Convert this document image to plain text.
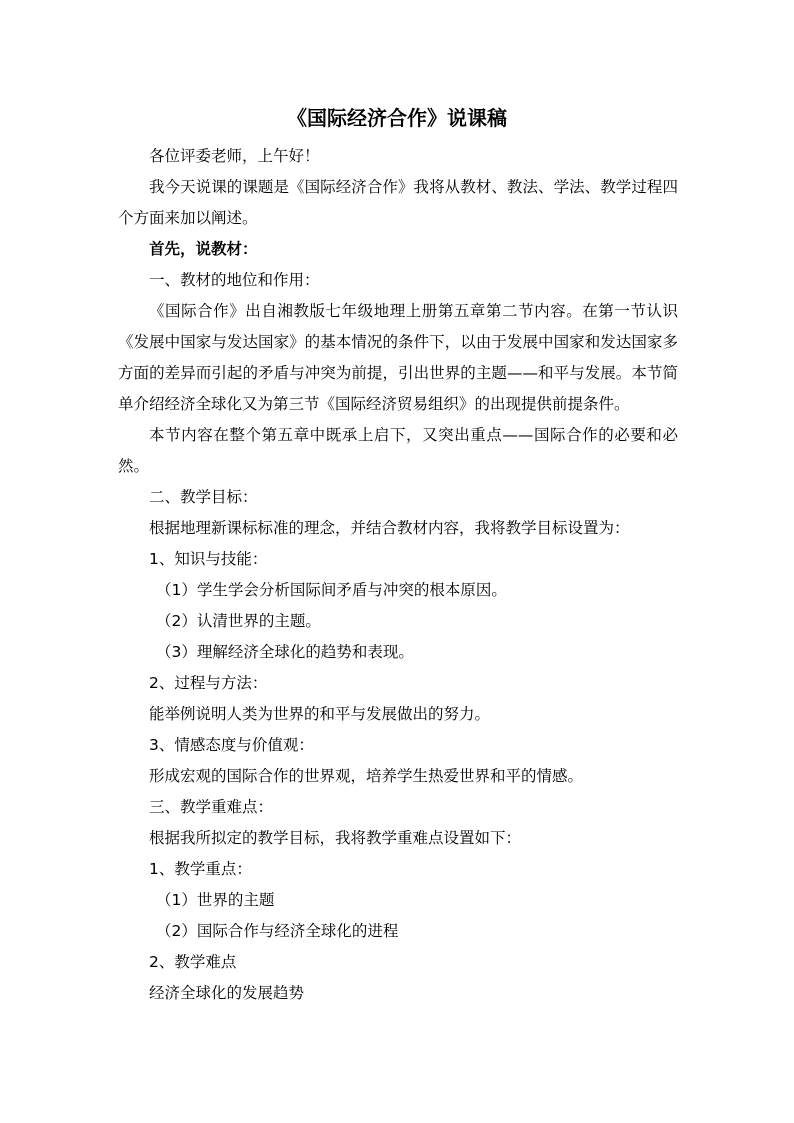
《国际经济合作》说课稿

各位评委老师，上午好！

我今天说课的课题是《国际经济合作》我将从教材、教法、学法、教学过程四个方面来加以阐述。

首先，说教材：

一、教材的地位和作用：

《国际合作》出自湘教版七年级地理上册第五章第二节内容。在第一节认识《发展中国家与发达国家》的基本情况的条件下，以由于发展中国家和发达国家多方面的差异而引起的矛盾与冲突为前提，引出世界的主题——和平与发展。本节简单介绍经济全球化又为第三节《国际经济贸易组织》的出现提供前提条件。

本节内容在整个第五章中既承上启下，又突出重点——国际合作的必要和必然。

二、教学目标：

根据地理新课标标准的理念，并结合教材内容，我将教学目标设置为：

1、知识与技能：

（1）学生学会分析国际间矛盾与冲突的根本原因。

（2）认清世界的主题。

（3）理解经济全球化的趋势和表现。

2、过程与方法：

能举例说明人类为世界的和平与发展做出的努力。

3、情感态度与价值观：

形成宏观的国际合作的世界观，培养学生热爱世界和平的情感。

三、教学重难点：

根据我所拟定的教学目标，我将教学重难点设置如下：

1、教学重点：

（1）世界的主题

（2）国际合作与经济全球化的进程

2、教学难点

经济全球化的发展趋势
